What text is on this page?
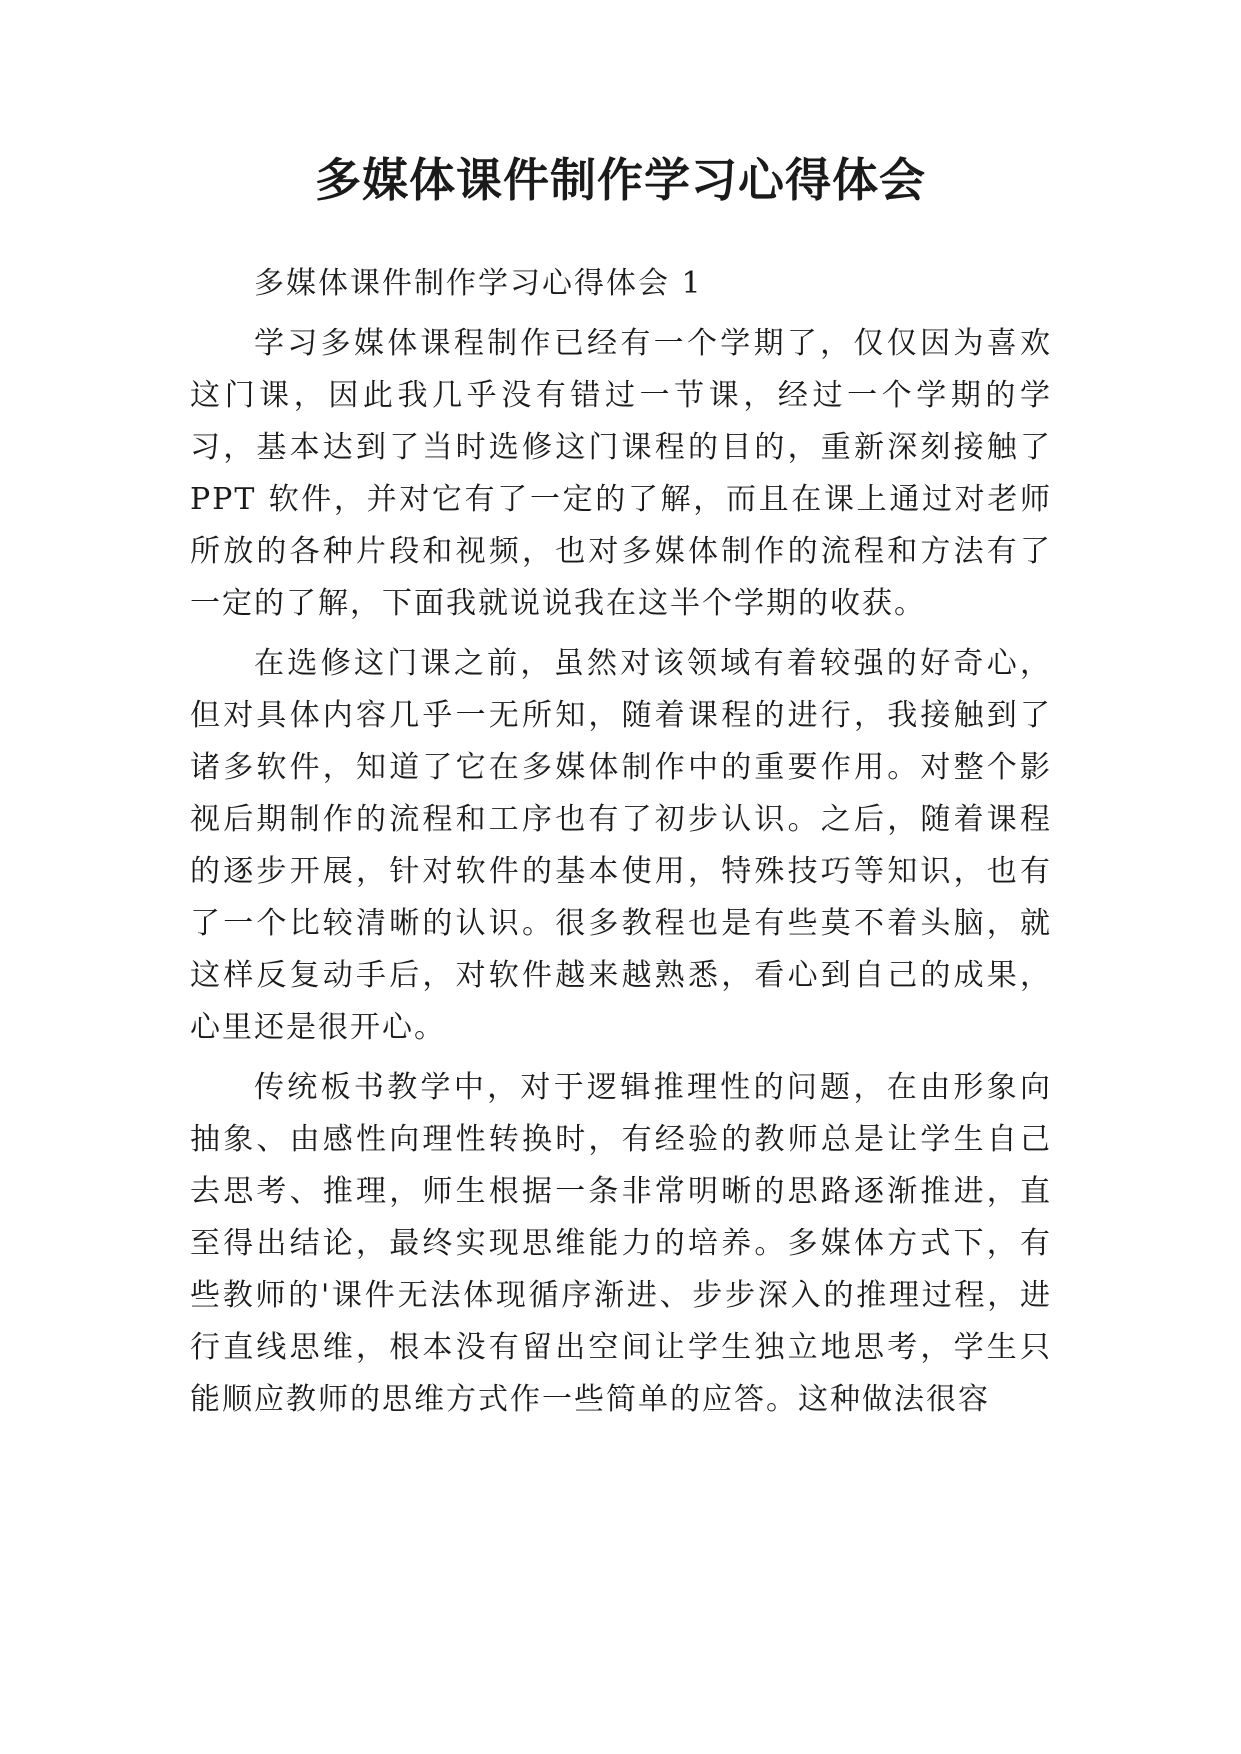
多媒体课件制作学习心得体会

多媒体课件制作学习心得体会 1

学习多媒体课程制作已经有一个学期了，仅仅因为喜欢这门课，因此我几乎没有错过一节课，经过一个学期的学习，基本达到了当时选修这门课程的目的，重新深刻接触了 PPT 软件，并对它有了一定的了解，而且在课上通过对老师所放的各种片段和视频，也对多媒体制作的流程和方法有了一定的了解，下面我就说说我在这半个学期的收获。

在选修这门课之前，虽然对该领域有着较强的好奇心，但对具体内容几乎一无所知，随着课程的进行，我接触到了诸多软件，知道了它在多媒体制作中的重要作用。对整个影视后期制作的流程和工序也有了初步认识。之后，随着课程的逐步开展，针对软件的基本使用，特殊技巧等知识，也有了一个比较清晰的认识。很多教程也是有些莫不着头脑，就这样反复动手后，对软件越来越熟悉，看心到自己的成果，心里还是很开心。

传统板书教学中，对于逻辑推理性的问题，在由形象向抽象、由感性向理性转换时，有经验的教师总是让学生自己去思考、推理，师生根据一条非常明晰的思路逐渐推进，直至得出结论，最终实现思维能力的培养。多媒体方式下，有些教师的'课件无法体现循序渐进、步步深入的推理过程，进行直线思维，根本没有留出空间让学生独立地思考，学生只能顺应教师的思维方式作一些简单的应答。这种做法很容
